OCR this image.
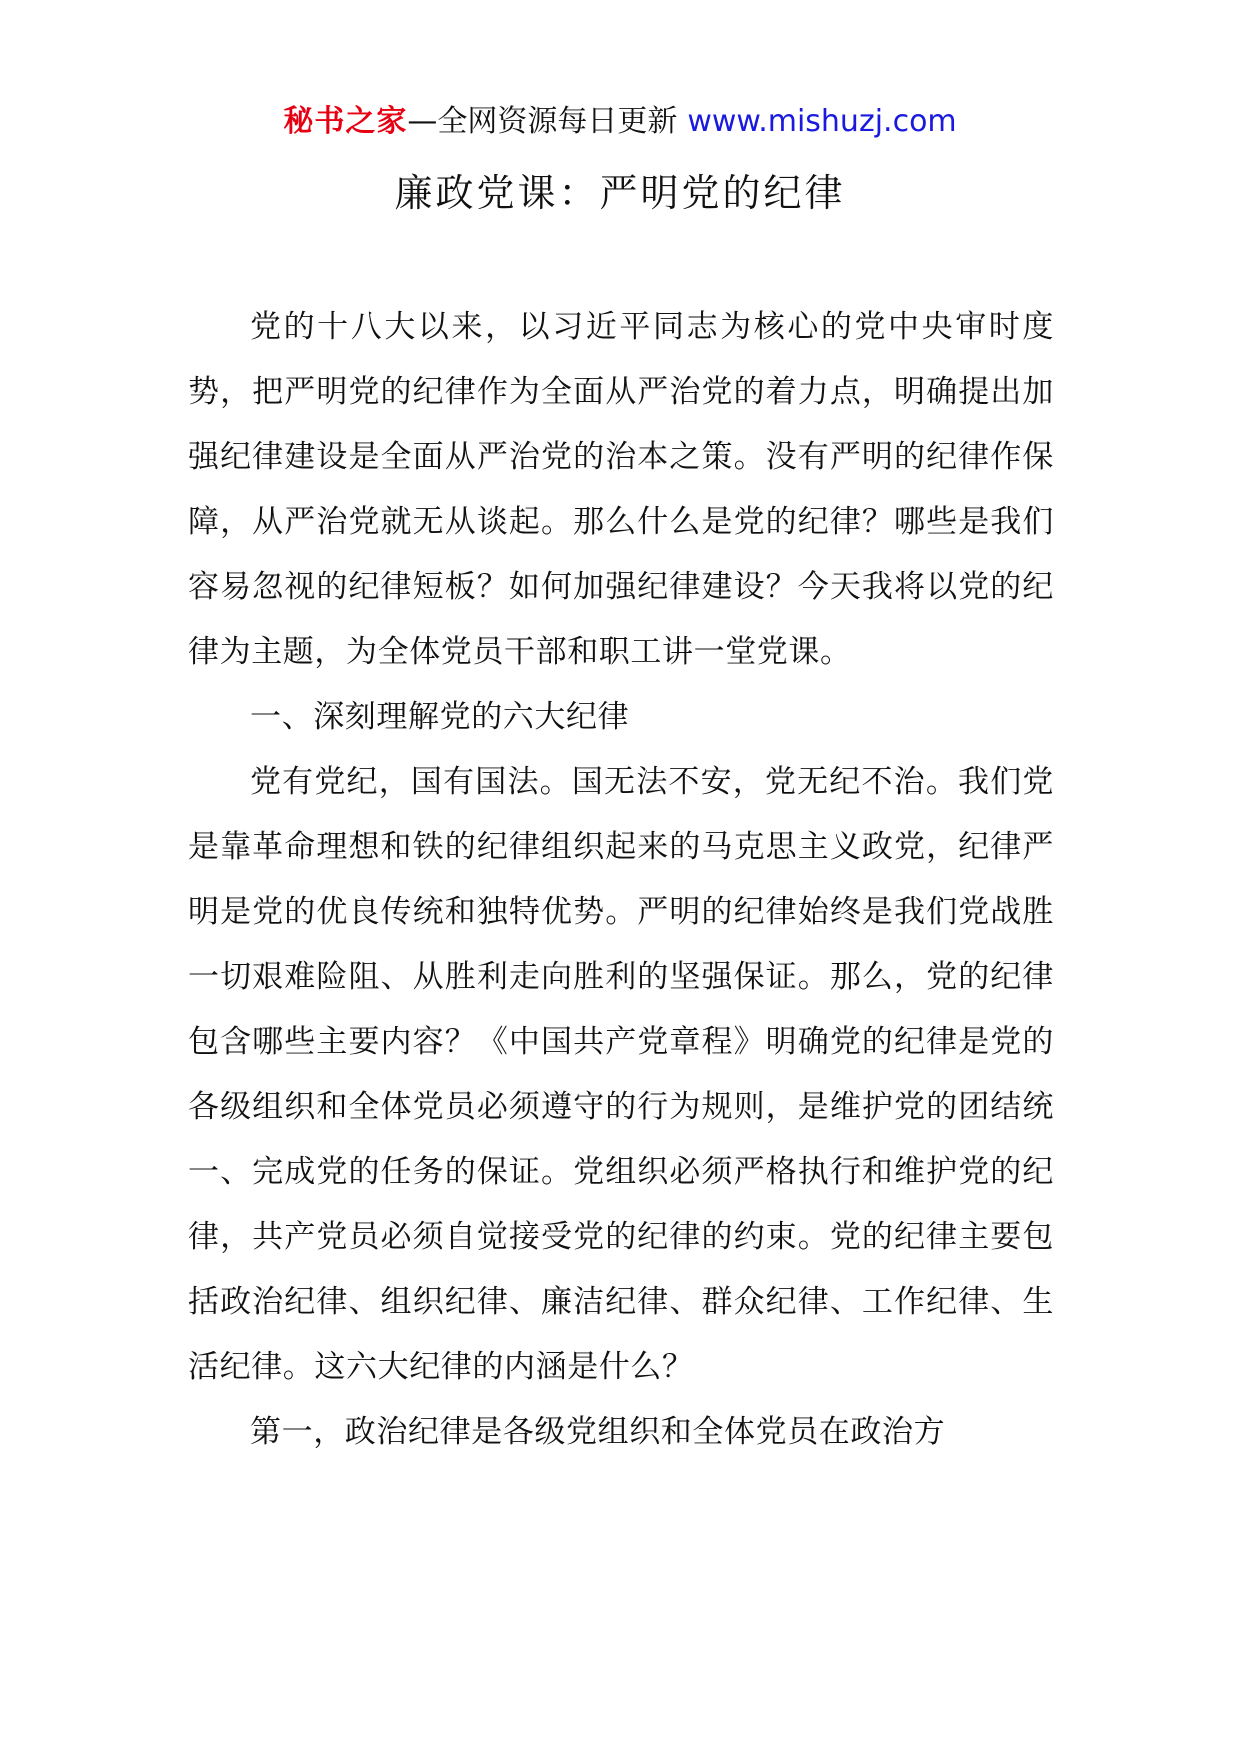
秘书之家—全网资源每日更新 www.mishuzj.com
廉政党课：严明党的纪律

党的十八大以来，以习近平同志为核心的党中央审时度势，把严明党的纪律作为全面从严治党的着力点，明确提出加强纪律建设是全面从严治党的治本之策。没有严明的纪律作保障，从严治党就无从谈起。那么什么是党的纪律？哪些是我们容易忽视的纪律短板？如何加强纪律建设？今天我将以党的纪律为主题，为全体党员干部和职工讲一堂党课。

一、深刻理解党的六大纪律

党有党纪，国有国法。国无法不安，党无纪不治。我们党是靠革命理想和铁的纪律组织起来的马克思主义政党，纪律严明是党的优良传统和独特优势。严明的纪律始终是我们党战胜一切艰难险阻、从胜利走向胜利的坚强保证。那么，党的纪律包含哪些主要内容？《中国共产党章程》明确党的纪律是党的各级组织和全体党员必须遵守的行为规则，是维护党的团结统一、完成党的任务的保证。党组织必须严格执行和维护党的纪律，共产党员必须自觉接受党的纪律的约束。党的纪律主要包括政治纪律、组织纪律、廉洁纪律、群众纪律、工作纪律、生活纪律。这六大纪律的内涵是什么？

第一，政治纪律是各级党组织和全体党员在政治方
